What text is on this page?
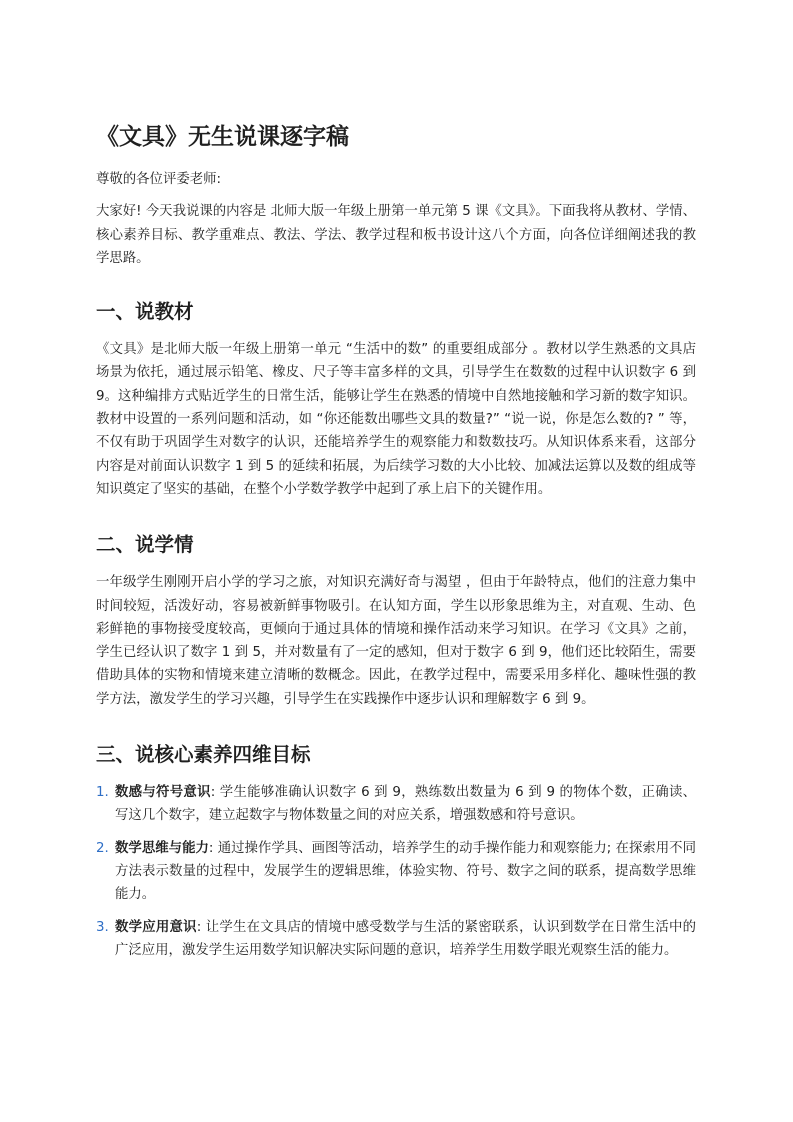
《文具》无生说课逐字稿

尊敬的各位评委老师:

大家好! 今天我说课的内容是 北师大版一年级上册第一单元第 5 课《文具》。下面我将从教材、学情、核心素养目标、教学重难点、教法、学法、教学过程和板书设计这八个方面，向各位详细阐述我的教学思路。

一、说教材

《文具》是北师大版一年级上册第一单元 “生活中的数” 的重要组成部分 。教材以学生熟悉的文具店场景为依托，通过展示铅笔、橡皮、尺子等丰富多样的文具，引导学生在数数的过程中认识数字 6 到 9。这种编排方式贴近学生的日常生活，能够让学生在熟悉的情境中自然地接触和学习新的数字知识。教材中设置的一系列问题和活动，如 “你还能数出哪些文具的数量?” “说一说，你是怎么数的? ” 等，不仅有助于巩固学生对数字的认识，还能培养学生的观察能力和数数技巧。从知识体系来看，这部分内容是对前面认识数字 1 到 5 的延续和拓展，为后续学习数的大小比较、加减法运算以及数的组成等知识奠定了坚实的基础，在整个小学数学教学中起到了承上启下的关键作用。

二、说学情

一年级学生刚刚开启小学的学习之旅，对知识充满好奇与渴望 ，但由于年龄特点，他们的注意力集中时间较短，活泼好动，容易被新鲜事物吸引。在认知方面，学生以形象思维为主，对直观、生动、色彩鲜艳的事物接受度较高，更倾向于通过具体的情境和操作活动来学习知识。在学习《文具》之前，学生已经认识了数字 1 到 5，并对数量有了一定的感知，但对于数字 6 到 9，他们还比较陌生，需要借助具体的实物和情境来建立清晰的数概念。因此，在教学过程中，需要采用多样化、趣味性强的教学方法，激发学生的学习兴趣，引导学生在实践操作中逐步认识和理解数字 6 到 9。

三、说核心素养四维目标
1. 数感与符号意识: 学生能够准确认识数字 6 到 9，熟练数出数量为 6 到 9 的物体个数，正确读、写这几个数字，建立起数字与物体数量之间的对应关系，增强数感和符号意识。
2. 数学思维与能力: 通过操作学具、画图等活动，培养学生的动手操作能力和观察能力; 在探索用不同方法表示数量的过程中，发展学生的逻辑思维，体验实物、符号、数字之间的联系，提高数学思维能力。
3. 数学应用意识: 让学生在文具店的情境中感受数学与生活的紧密联系，认识到数学在日常生活中的广泛应用，激发学生运用数学知识解决实际问题的意识，培养学生用数学眼光观察生活的能力。
